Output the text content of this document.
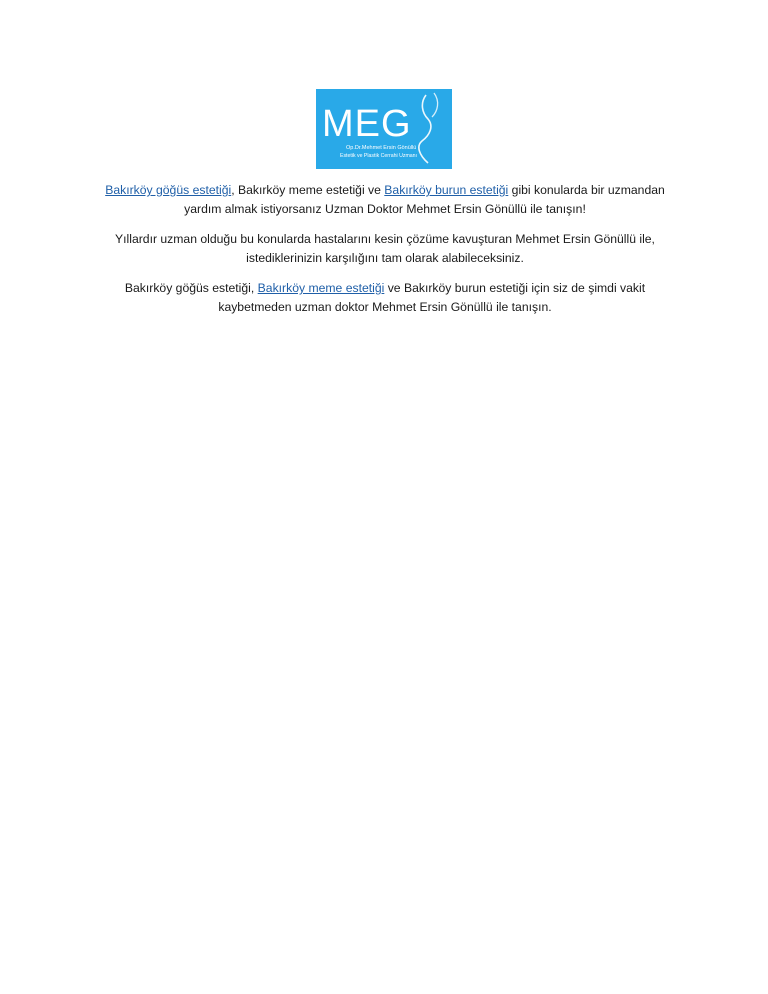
MEG
Op.Dr.Mehmet Ersin Gönüllü
Estetik ve Plastik Cerrahi Uzmanı

Bakırköy göğüs estetiği, Bakırköy meme estetiği ve Bakırköy burun estetiği gibi konularda bir uzmandan yardım almak istiyorsanız Uzman Doktor Mehmet Ersin Gönüllü ile tanışın!

Yıllardır uzman olduğu bu konularda hastalarını kesin çözüme kavuşturan Mehmet Ersin Gönüllü ile, istediklerinizin karşılığını tam olarak alabileceksiniz.

Bakırköy göğüs estetiği, Bakırköy meme estetiği ve Bakırköy burun estetiği için siz de şimdi vakit kaybetmeden uzman doktor Mehmet Ersin Gönüllü ile tanışın.
